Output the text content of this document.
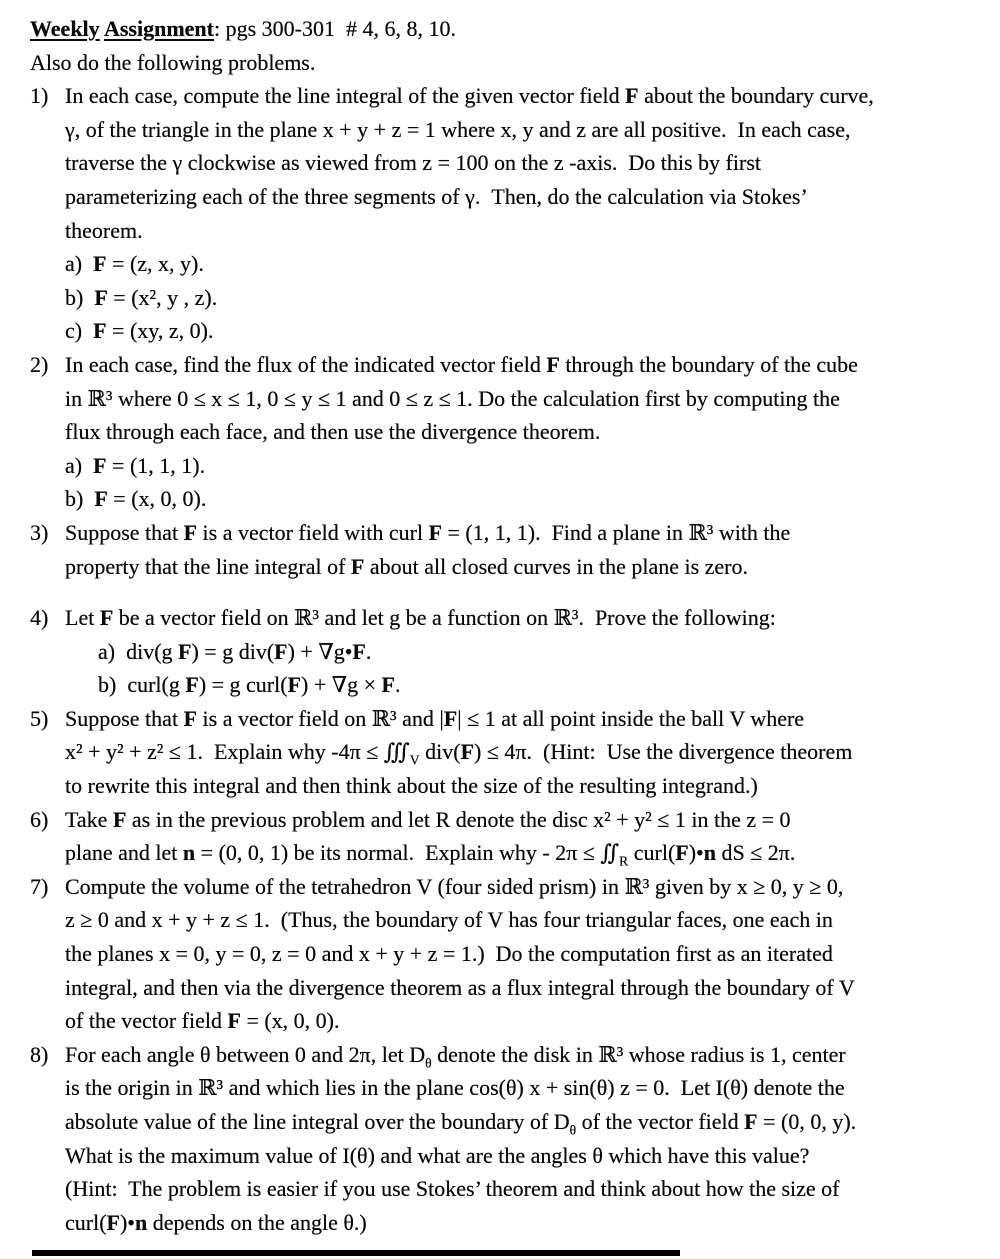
Weekly Assignment: pgs 300-301  # 4, 6, 8, 10.
Also do the following problems.
1) In each case, compute the line integral of the given vector field F about the boundary curve,
γ, of the triangle in the plane x + y + z = 1 where x, y and z are all positive.  In each case,
traverse the γ clockwise as viewed from z = 100 on the z -axis.  Do this by first
parameterizing each of the three segments of γ.  Then, do the calculation via Stokes’
theorem.
a)  F = (z, x, y).
b)  F = (x², y , z).
c)  F = (xy, z, 0).
2) In each case, find the flux of the indicated vector field F through the boundary of the cube
in ℝ³ where 0 ≤ x ≤ 1, 0 ≤ y ≤ 1 and 0 ≤ z ≤ 1. Do the calculation first by computing the
flux through each face, and then use the divergence theorem.
a)  F = (1, 1, 1).
b)  F = (x, 0, 0).
3) Suppose that F is a vector field with curl F = (1, 1, 1).  Find a plane in ℝ³ with the
property that the line integral of F about all closed curves in the plane is zero.
4) Let F be a vector field on ℝ³ and let g be a function on ℝ³.  Prove the following:
a)  div(g F) = g div(F) + ∇g•F.
b)  curl(g F) = g curl(F) + ∇g × F.
5) Suppose that F is a vector field on ℝ³ and |F| ≤ 1 at all point inside the ball V where
x² + y² + z² ≤ 1.  Explain why $-4\pi \le ∭_V$ div(F) ≤ 4π.  (Hint:  Use the divergence theorem
to rewrite this integral and then think about the size of the resulting integrand.)
6) Take F as in the previous problem and let R denote the disc x² + y² ≤ 1 in the z = 0
plane and let n = (0, 0, 1) be its normal.  Explain why - $2\pi \le ∬_R$ curl(F)•n dS ≤ 2π.
7) Compute the volume of the tetrahedron V (four sided prism) in ℝ³ given by x ≥ 0, y ≥ 0,
z ≥ 0 and x + y + z ≤ 1.  (Thus, the boundary of V has four triangular faces, one each in
the planes x = 0, y = 0, z = 0 and x + y + z = 1.)  Do the computation first as an iterated
integral, and then via the divergence theorem as a flux integral through the boundary of V
of the vector field F = (x, 0, 0).
8) For each angle θ between 0 and 2π, let $D_\theta$ denote the disk in ℝ³ whose radius is 1, center
is the origin in ℝ³ and which lies in the plane cos(θ) x + sin(θ) z = 0.  Let I(θ) denote the
absolute value of the line integral over the boundary of $D_\theta$ of the vector field F = (0, 0, y).
What is the maximum value of I(θ) and what are the angles θ which have this value?
(Hint:  The problem is easier if you use Stokes’ theorem and think about how the size of
curl(F)•n depends on the angle θ.)
